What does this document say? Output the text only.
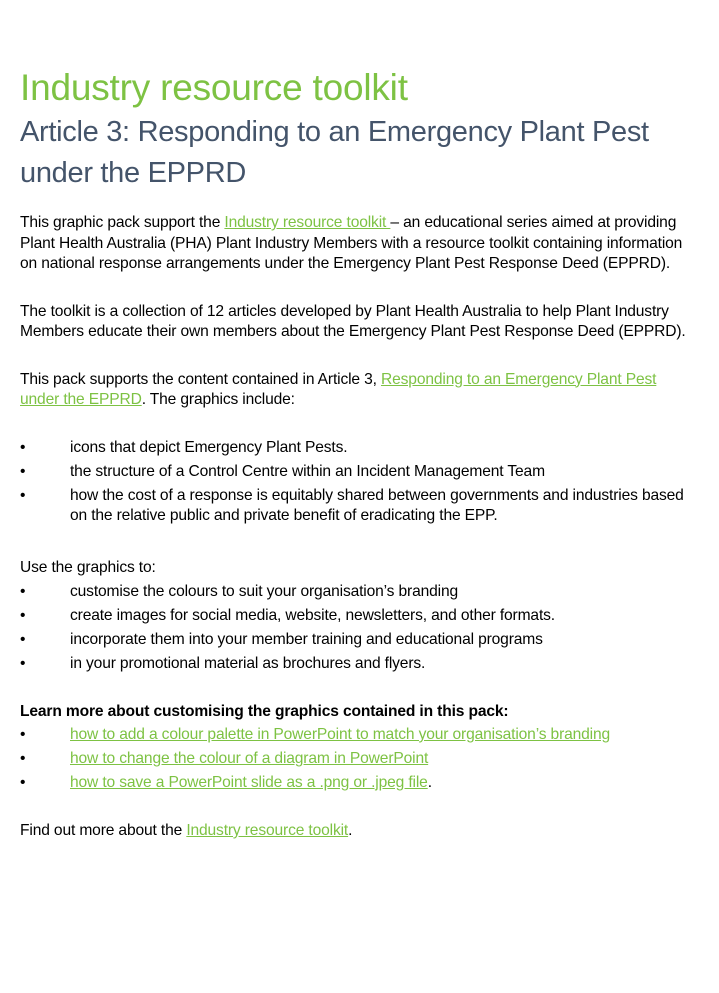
Industry resource toolkit
Article 3: Responding to an Emergency Plant Pest under the EPPRD

This graphic pack support the Industry resource toolkit – an educational series aimed at providing Plant Health Australia (PHA) Plant Industry Members with a resource toolkit containing information on national response arrangements under the Emergency Plant Pest Response Deed (EPPRD).

The toolkit is a collection of 12 articles developed by Plant Health Australia to help Plant Industry Members educate their own members about the Emergency Plant Pest Response Deed (EPPRD).

This pack supports the content contained in Article 3, Responding to an Emergency Plant Pest under the EPPRD. The graphics include:

•	icons that depict Emergency Plant Pests.
•	the structure of a Control Centre within an Incident Management Team
•	how the cost of a response is equitably shared between governments and industries based on the relative public and private benefit of eradicating the EPP.

Use the graphics to:

•	customise the colours to suit your organisation’s branding
•	create images for social media, website, newsletters, and other formats.
•	incorporate them into your member training and educational programs
•	in your promotional material as brochures and flyers.

Learn more about customising the graphics contained in this pack:

•	how to add a colour palette in PowerPoint to match your organisation’s branding
•	how to change the colour of a diagram in PowerPoint
•	how to save a PowerPoint slide as a .png or .jpeg file.

Find out more about the Industry resource toolkit.
